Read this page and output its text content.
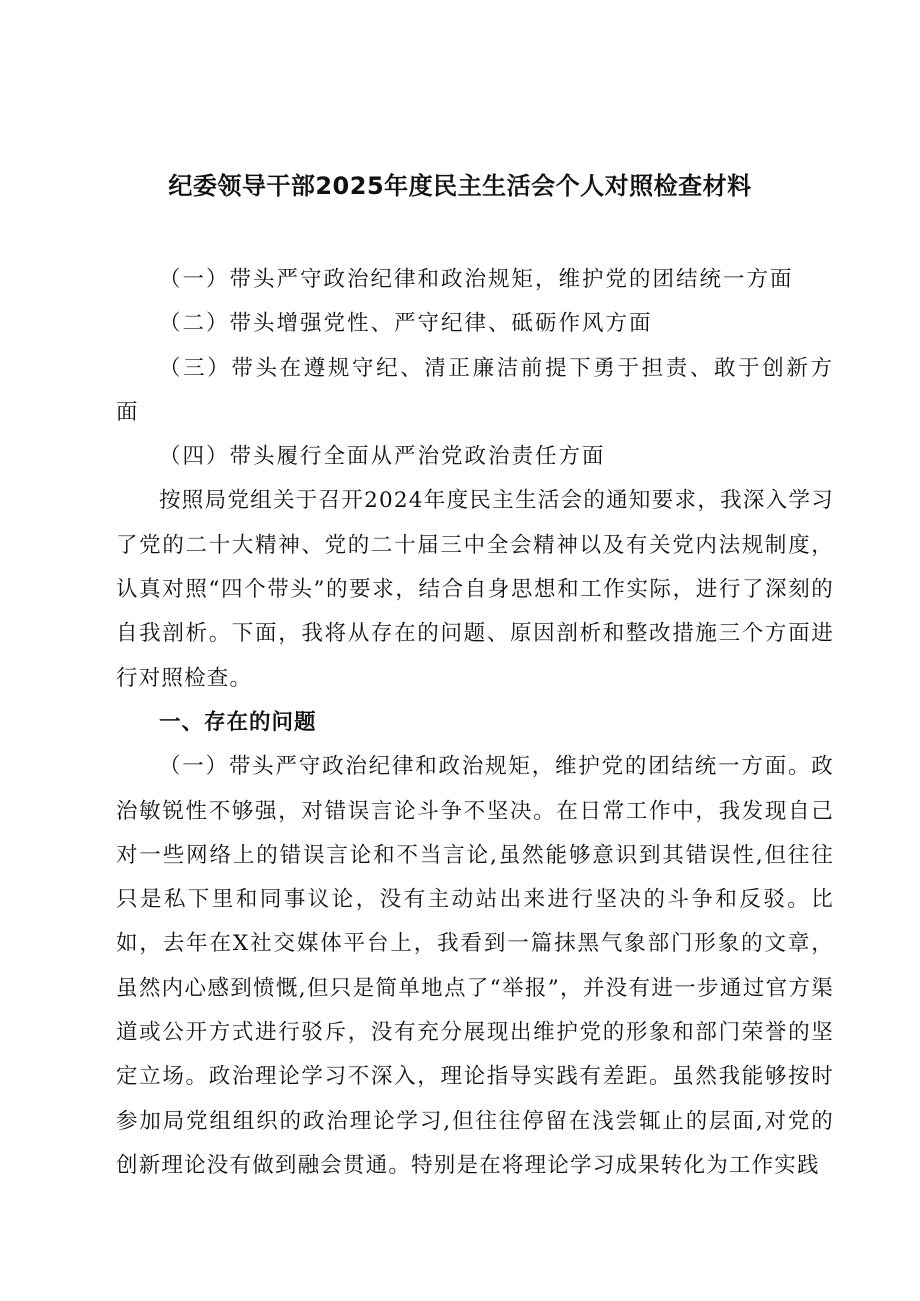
纪委领导干部2025年度民主生活会个人对照检查材料

（一）带头严守政治纪律和政治规矩，维护党的团结统一方面

（二）带头增强党性、严守纪律、砥砺作风方面

（三）带头在遵规守纪、清正廉洁前提下勇于担责、敢于创新方面

（四）带头履行全面从严治党政治责任方面

按照局党组关于召开2024年度民主生活会的通知要求，我深入学习了党的二十大精神、党的二十届三中全会精神以及有关党内法规制度，认真对照“四个带头”的要求，结合自身思想和工作实际，进行了深刻的自我剖析。下面，我将从存在的问题、原因剖析和整改措施三个方面进行对照检查。

一、存在的问题

（一）带头严守政治纪律和政治规矩，维护党的团结统一方面。政治敏锐性不够强，对错误言论斗争不坚决。在日常工作中，我发现自己对一些网络上的错误言论和不当言论,虽然能够意识到其错误性,但往往只是私下里和同事议论，没有主动站出来进行坚决的斗争和反驳。比如，去年在X社交媒体平台上，我看到一篇抹黑气象部门形象的文章，虽然内心感到愤慨,但只是简单地点了“举报”，并没有进一步通过官方渠道或公开方式进行驳斥，没有充分展现出维护党的形象和部门荣誉的坚定立场。政治理论学习不深入，理论指导实践有差距。虽然我能够按时参加局党组组织的政治理论学习,但往往停留在浅尝辄止的层面,对党的创新理论没有做到融会贯通。特别是在将理论学习成果转化为工作实践
